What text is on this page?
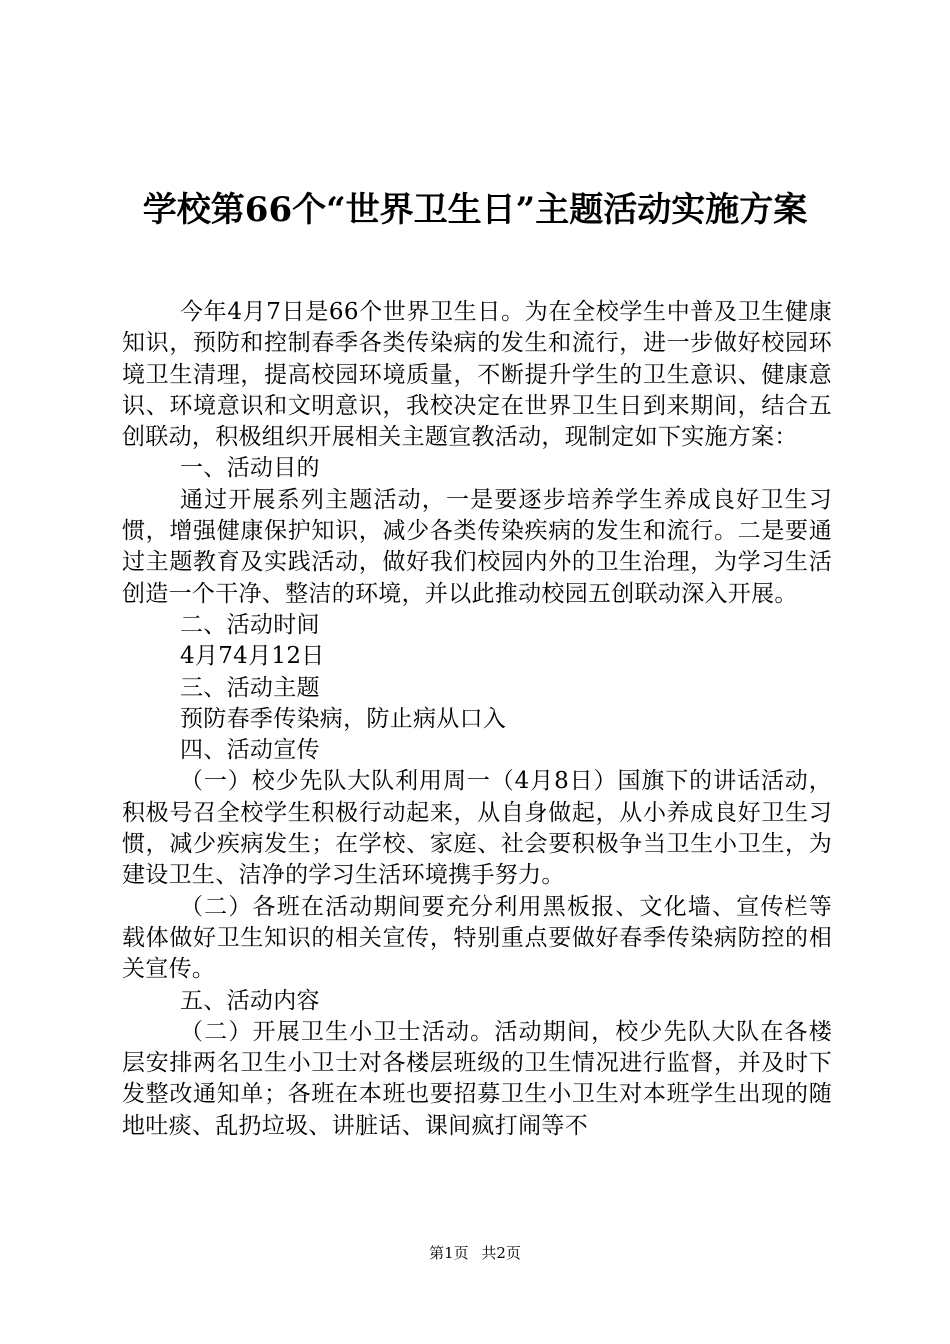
学校第66个“世界卫生日”主题活动实施方案

今年4月7日是66个世界卫生日。为在全校学生中普及卫生健康知识，预防和控制春季各类传染病的发生和流行，进一步做好校园环境卫生清理，提高校园环境质量，不断提升学生的卫生意识、健康意识、环境意识和文明意识，我校决定在世界卫生日到来期间，结合五创联动，积极组织开展相关主题宣教活动，现制定如下实施方案：

一、活动目的

通过开展系列主题活动，一是要逐步培养学生养成良好卫生习惯，增强健康保护知识，减少各类传染疾病的发生和流行。二是要通过主题教育及实践活动，做好我们校园内外的卫生治理，为学习生活创造一个干净、整洁的环境，并以此推动校园五创联动深入开展。

二、活动时间

4月74月12日

三、活动主题

预防春季传染病，防止病从口入

四、活动宣传

（一）校少先队大队利用周一（4月8日）国旗下的讲话活动，积极号召全校学生积极行动起来，从自身做起，从小养成良好卫生习惯，减少疾病发生；在学校、家庭、社会要积极争当卫生小卫生，为建设卫生、洁净的学习生活环境携手努力。

（二）各班在活动期间要充分利用黑板报、文化墙、宣传栏等载体做好卫生知识的相关宣传，特别重点要做好春季传染病防控的相关宣传。

五、活动内容

（二）开展卫生小卫士活动。活动期间，校少先队大队在各楼层安排两名卫生小卫士对各楼层班级的卫生情况进行监督，并及时下发整改通知单；各班在本班也要招募卫生小卫生对本班学生出现的随地吐痰、乱扔垃圾、讲脏话、课间疯打闹等不

第1页 共2页
